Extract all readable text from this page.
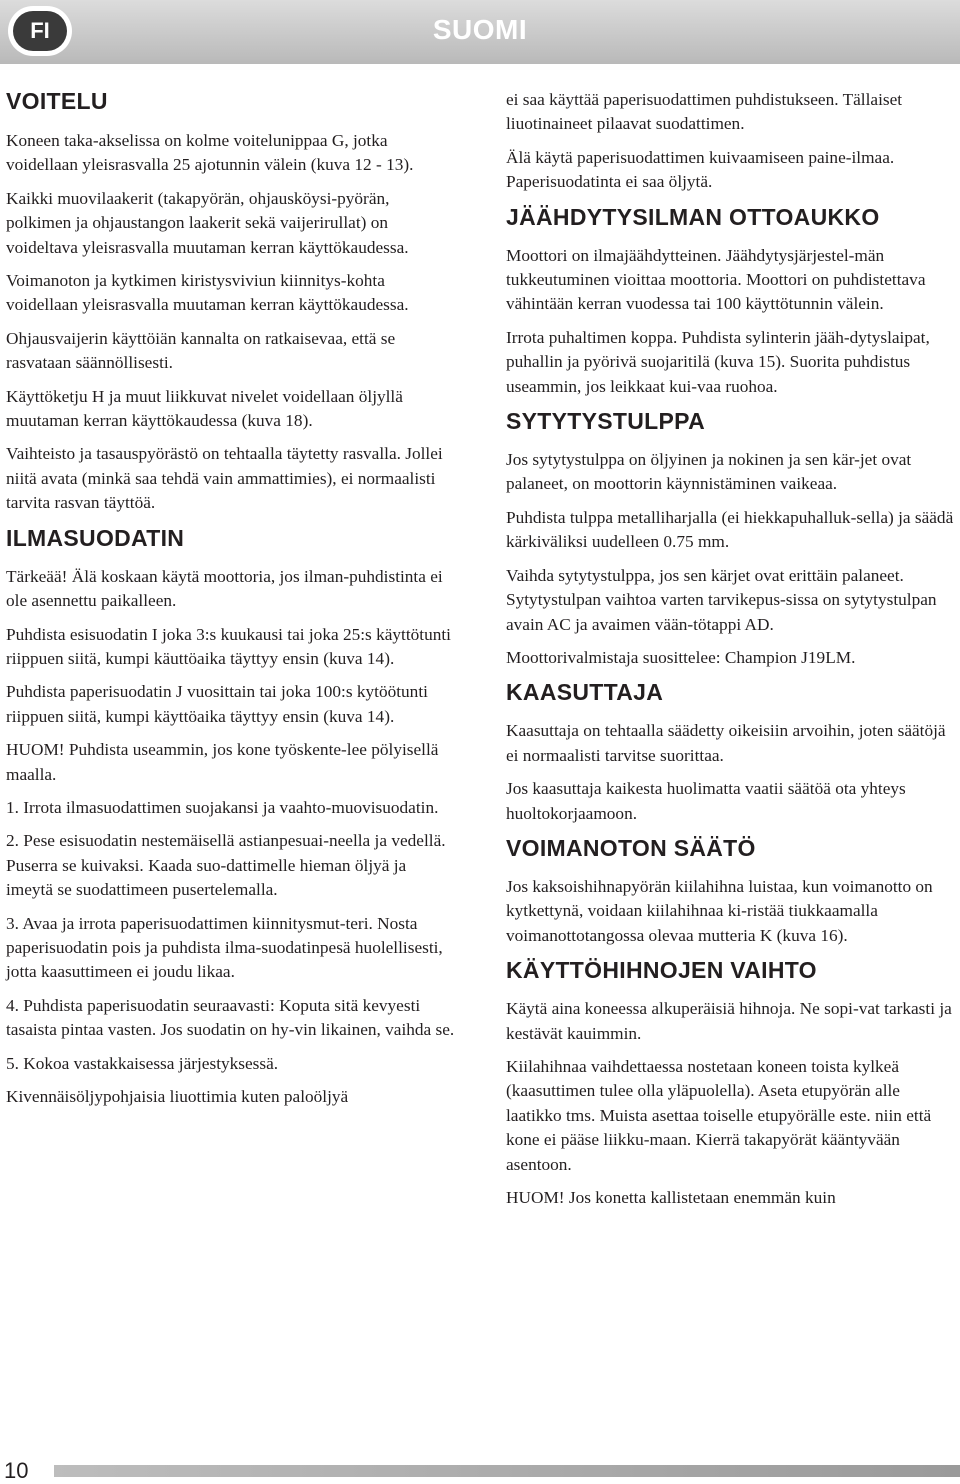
FI	SUOMI
VOITELU

Koneen taka-akselissa on kolme voitelunippaa G, jotka voidellaan yleisrasvalla 25 ajotunnin välein (kuva 12 - 13).

Kaikki muovilaakerit (takapyörän, ohjausköysi-pyörän, polkimen ja ohjaustangon laakerit sekä vaijerirullat) on voideltava yleisrasvalla muutaman kerran käyttökaudessa.

Voimanoton ja kytkimen kiristysviviun kiinnitys-kohta voidellaan yleisrasvalla muutaman kerran käyttökaudessa.

Ohjausvaijerin käyttöiän kannalta on ratkaisevaa, että se rasvataan säännöllisesti.

Käyttöketju H ja muut liikkuvat nivelet voidellaan öljyllä muutaman kerran käyttökaudessa (kuva 18).

Vaihteisto ja tasauspyörästö on tehtaalla täytetty rasvalla. Jollei niitä avata (minkä saa tehdä vain ammattimies), ei normaalisti tarvita rasvan täyttöä.

ILMASUODATIN

Tärkeää! Älä koskaan käytä moottoria, jos ilman-puhdistinta ei ole asennettu paikalleen.

Puhdista esisuodatin I joka 3:s kuukausi tai joka 25:s käyttötunti riippuen siitä, kumpi käuttöaika täyttyy ensin (kuva 14).

Puhdista paperisuodatin J vuosittain tai joka 100:s kytöötunti riippuen siitä, kumpi käyttöaika täyttyy ensin (kuva 14).

HUOM! Puhdista useammin, jos kone työskente-lee pölyisellä maalla.

1. Irrota ilmasuodattimen suojakansi ja vaahto-muovisuodatin.

2. Pese esisuodatin nestemäisellä astianpesuai-neella ja vedellä. Puserra se kuivaksi. Kaada suo-dattimelle hieman öljyä ja imeytä se suodattimeen pusertelemalla.

3. Avaa ja irrota paperisuodattimen kiinnitysmut-teri. Nosta paperisuodatin pois ja puhdista ilma-suodatinpesä huolellisesti, jotta kaasuttimeen ei joudu likaa.

4. Puhdista paperisuodatin seuraavasti: Koputa sitä kevyesti tasaista pintaa vasten. Jos suodatin on hy-vin likainen, vaihda se.

5. Kokoa vastakkaisessa järjestyksessä.

Kivennäisöljypohjaisia liuottimia kuten paloöljyä

ei saa käyttää paperisuodattimen puhdistukseen. Tällaiset liuotinaineet pilaavat suodattimen.

Älä käytä paperisuodattimen kuivaamiseen paine-ilmaa. Paperisuodatinta ei saa öljytä.

JÄÄHDYTYSILMAN OTTOAUKKO

Moottori on ilmajäähdytteinen. Jäähdytysjärjestel-män tukkeutuminen vioittaa moottoria. Moottori on puhdistettava vähintään kerran vuodessa tai 100 käyttötunnin välein.

Irrota puhaltimen koppa. Puhdista sylinterin jääh-dytyslaipat, puhallin ja pyörivä suojaritilä (kuva 15). Suorita puhdistus useammin, jos leikkaat kui-vaa ruohoa.

SYTYTYSTULPPA

Jos sytytystulppa on öljyinen ja nokinen ja sen kär-jet ovat palaneet, on moottorin käynnistäminen vaikeaa.

Puhdista tulppa metalliharjalla (ei hiekkapuhalluk-sella) ja säädä kärkiväliksi uudelleen 0.75 mm.

Vaihda sytytystulppa, jos sen kärjet ovat erittäin palaneet. Sytytystulpan vaihtoa varten tarvikepus-sissa on sytytystulpan avain AC ja avaimen vään-tötappi AD.

Moottorivalmistaja suosittelee: Champion J19LM.

KAASUTTAJA

Kaasuttaja on tehtaalla säädetty oikeisiin arvoihin, joten säätöjä ei normaalisti tarvitse suorittaa.

Jos kaasuttaja kaikesta huolimatta vaatii säätöä ota yhteys huoltokorjaamoon.

VOIMANOTON SÄÄTÖ

Jos kaksoishihnapyörän kiilahihna luistaa, kun voimanotto on kytkettynä, voidaan kiilahihnaa ki-ristää tiukkaamalla voimanottotangossa olevaa mutteria K (kuva 16).

KÄYTTÖHIHNOJEN VAIHTO

Käytä aina koneessa alkuperäisiä hihnoja. Ne sopi-vat tarkasti ja kestävät kauimmin.

Kiilahihnaa vaihdettaessa nostetaan koneen toista kylkeä (kaasuttimen tulee olla yläpuolella). Aseta etupyörän alle laatikko tms. Muista asettaa toiselle etupyörälle este. niin että kone ei pääse liikku-maan. Kierrä takapyörät kääntyvään asentoon.

HUOM! Jos konetta kallistetaan enemmän kuin

10
